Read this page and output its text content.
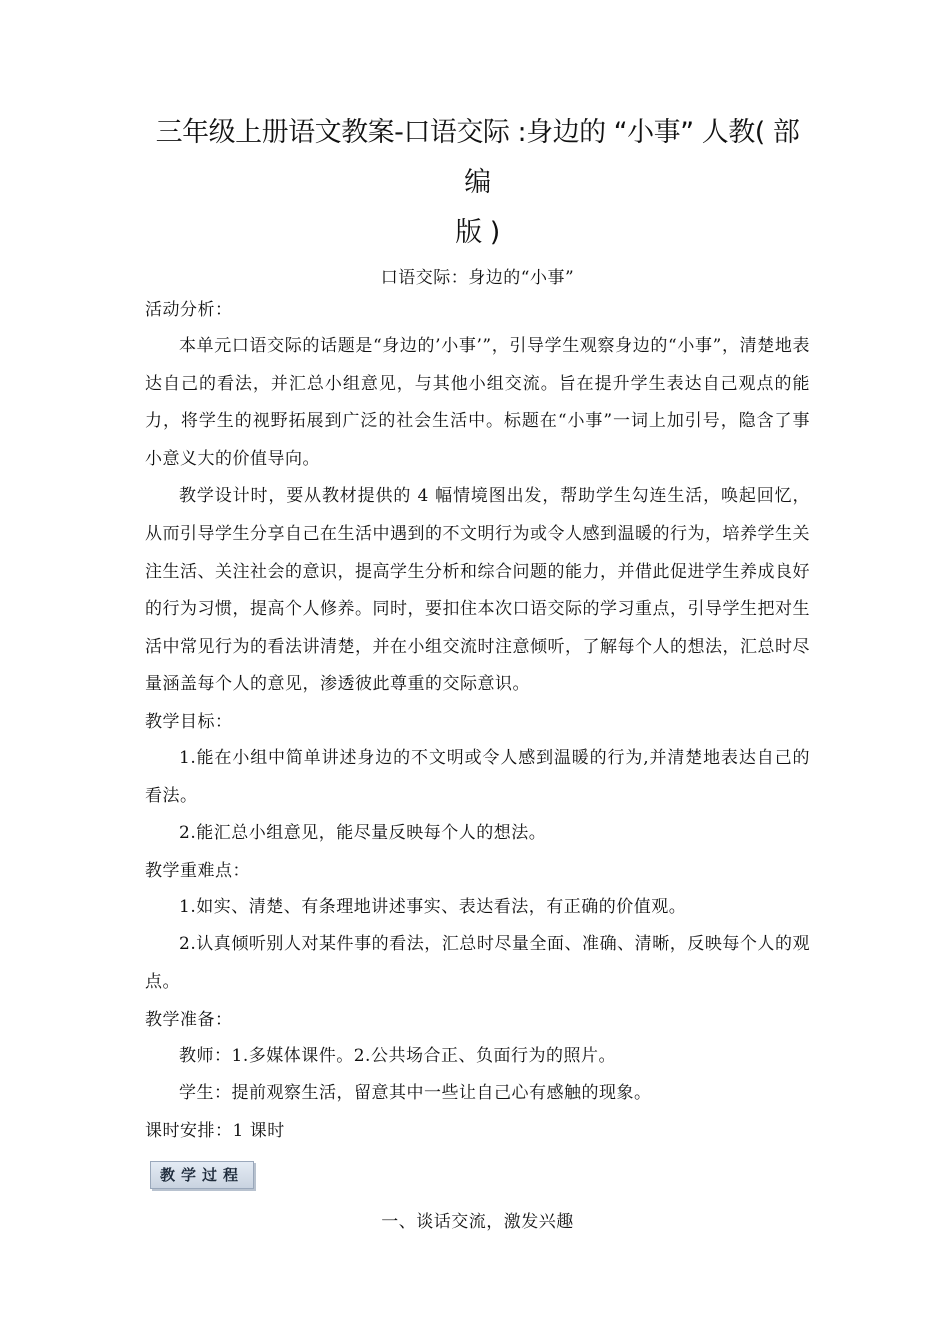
三年级上册语文教案-口语交际 :身边的 “小事” 人教( 部编
版 )

口语交际：身边的“小事”

活动分析：

本单元口语交际的话题是“身边的’小事’”，引导学生观察身边的“小事”，清楚地表达自己的看法，并汇总小组意见，与其他小组交流。旨在提升学生表达自己观点的能力，将学生的视野拓展到广泛的社会生活中。标题在“小事”一词上加引号，隐含了事小意义大的价值导向。

教学设计时，要从教材提供的 4 幅情境图出发，帮助学生勾连生活，唤起回忆，从而引导学生分享自己在生活中遇到的不文明行为或令人感到温暖的行为，培养学生关注生活、关注社会的意识，提高学生分析和综合问题的能力，并借此促进学生养成良好的行为习惯，提高个人修养。同时，要扣住本次口语交际的学习重点，引导学生把对生活中常见行为的看法讲清楚，并在小组交流时注意倾听，了解每个人的想法，汇总时尽量涵盖每个人的意见，渗透彼此尊重的交际意识。

教学目标：

1.能在小组中简单讲述身边的不文明或令人感到温暖的行为,并清楚地表达自己的看法。

2.能汇总小组意见，能尽量反映每个人的想法。

教学重难点：

1.如实、清楚、有条理地讲述事实、表达看法，有正确的价值观。

2.认真倾听别人对某件事的看法，汇总时尽量全面、准确、清晰，反映每个人的观点。

教学准备：

教师：1.多媒体课件。2.公共场合正、负面行为的照片。

学生：提前观察生活，留意其中一些让自己心有感触的现象。

课时安排：1 课时

教学过程

一、谈话交流，激发兴趣
